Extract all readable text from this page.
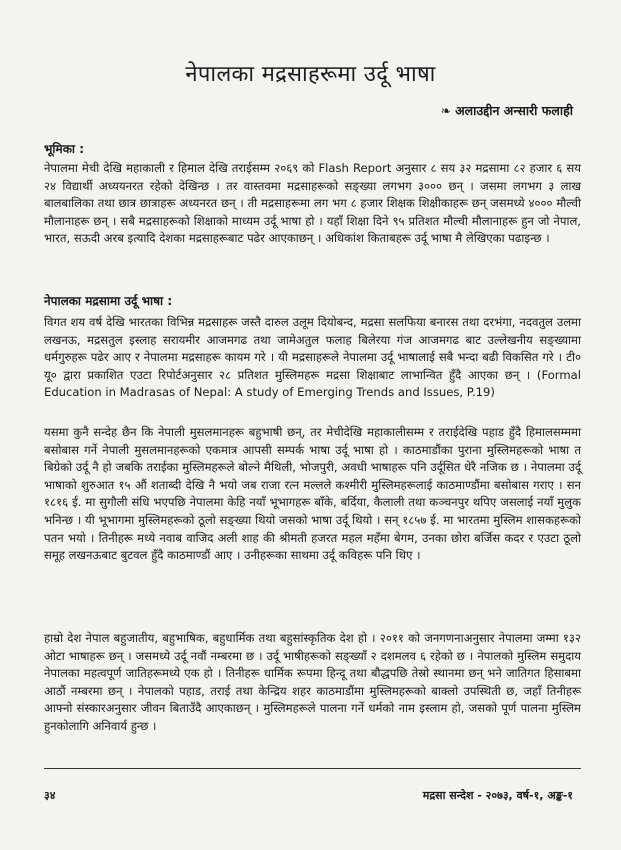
नेपालका मद्रसाहरूमा उर्दू भाषा
❧ अलाउद्दीन अन्सारी फलाही
भूमिका :

नेपालमा मेची देखि महाकाली र हिमाल देखि तराईसम्म २०६९ को Flash Report अनुसार ८ सय ३२ मद्रसामा ८२ हजार ६ सय २४ विद्यार्थी अध्ययनरत रहेको देखिन्छ । तर वास्तवमा मद्रसाहरूको सङ्ख्या लगभग ३००० छन् । जसमा लगभग ३ लाख बालबालिका तथा छात्र छात्राहरू अध्यनरत छन् । ती मद्रसाहरूमा लग भग ८ हजार शिक्षक शिक्षीकाहरू छन् जसमध्ये ४००० मौल्वी मौलानाहरू छन् । सबै मद्रसाहरूको शिक्षाको माध्यम उर्दू भाषा हो । यहाँ शिक्षा दिने ९५ प्रतिशत मौल्वी मौलानाहरू हुन जो नेपाल, भारत, सऊदी अरब इत्यादि देशका मद्रसाहरूबाट पढेर आएकाछन् । अधिकांश किताबहरू उर्दू भाषा मै लेखिएका पढाइन्छ ।

नेपालका मद्रसामा उर्दू भाषा :

विगत शय वर्ष देखि भारतका विभिन्न मद्रसाहरू जस्तै दारुल उलूम दियोबन्द, मद्रसा सलफिया बनारस तथा दरभंगा, नदवतुल उलमा लखनऊ, मद्रसतुल इस्लाह सरायमीर आजमगढ तथा जामेअतुल फलाह बिलेरया गंज आजमगढ बाट उल्लेखनीय सङ्ख्यामा धर्मगुरुहरू पढेर आए र नेपालमा मद्रसाहरू कायम गरे । यी मद्रसाहरूले नेपालमा उर्दू भाषालाई सबै भन्दा बढी विकसित गरे । टी० यू० द्वारा प्रकाशित एउटा रिपोर्टअनुसार २८ प्रतिशत मुस्लिमहरू मद्रसा शिक्षाबाट लाभान्वित हुँदै आएका छन् । (Formal Education in Madrasas of Nepal: A study of Emerging Trends and Issues, P.19)

यसमा कुनै सन्देह छैन कि नेपाली मुसलमानहरू बहुभाषी छन्, तर मेचीदेखि महाकालीसम्म र तराईदेखि पहाड हुँदै हिमालसम्ममा बसोबास गर्ने नेपाली मुसलमानहरूको एकमात्र आपसी सम्पर्क भाषा उर्दू भाषा हो । काठमाडौंका पुराना मुस्लिमहरूको भाषा त बिग्रेको उर्दू नै हो जबकि तराईका मुस्लिमहरूले बोल्ने मैथिली, भोजपुरी, अवधी भाषाहरू पनि उर्दूसित धेरै नजिक छ । नेपालमा उर्दू भाषाको शुरुआत १५ औं शताब्दी देखि नै भयो जब राजा रत्न मल्लले कश्मीरी मुस्लिमहरूलाई काठमाण्डौंमा बसोबास गराए । सन १८१६ ई. मा सुगौली संधि भएपछि नेपालमा केहि नयाँ भूभागहरू बाँके, बर्दिया, कैलाली तथा कञ्चनपुर थपिए जसलाई नयाँ मुलुक भनिन्छ । यी भूभागमा मुस्लिमहरूको ठूलो सङ्ख्या थियो जसको भाषा उर्दू थियो । सन् १८५७ ई. मा भारतमा मुस्लिम शासकहरूको पतन भयो । तिनीहरू मध्ये नवाब वाजिद अली शाह की श्रीमती हजरत महल महँमा बेगम, उनका छोरा बर्जिस कदर र एउटा ठूलो समूह लखनऊबाट बुटवल हुँदै काठमाण्डौं आए । उनीहरूका साथमा उर्दू कविहरू पनि थिए ।

हाम्रो देश नेपाल बहुजातीय, बहुभाषिक, बहुधार्मिक तथा बहुसांस्कृतिक देश हो । २०११ को जनगणनाअनुसार नेपालमा जम्मा १३२ ओटा भाषाहरू छन् । जसमध्ये उर्दू नवौं नम्बरमा छ । उर्दू भाषीहरूको सङ्ख्याँ २ दशमलव ६ रहेको छ । नेपालको मुस्लिम समुदाय नेपालका महत्वपूर्ण जातिहरूमध्ये एक हो । तिनीहरू धार्मिक रूपमा हिन्दू तथा बौद्धपछि तेस्रो स्थानमा छन् भने जातिगत हिसाबमा आठौं नम्बरमा छन् । नेपालको पहाड, तराई तथा केन्द्रिय शहर काठमाडौंमा मुस्लिमहरूको बाक्लो उपस्थिती छ, जहाँ तिनीहरू आफ्नो संस्कारअनुसार जीवन बिताउँदै आएकाछन् । मुस्लिमहरूले पालना गर्ने धर्मको नाम इस्लाम हो, जसको पूर्ण पालना मुस्लिम हुनकोलागि अनिवार्य हुन्छ ।

३४	मद्रसा सन्देश - २०७३, वर्ष-१, अङ्क-१
